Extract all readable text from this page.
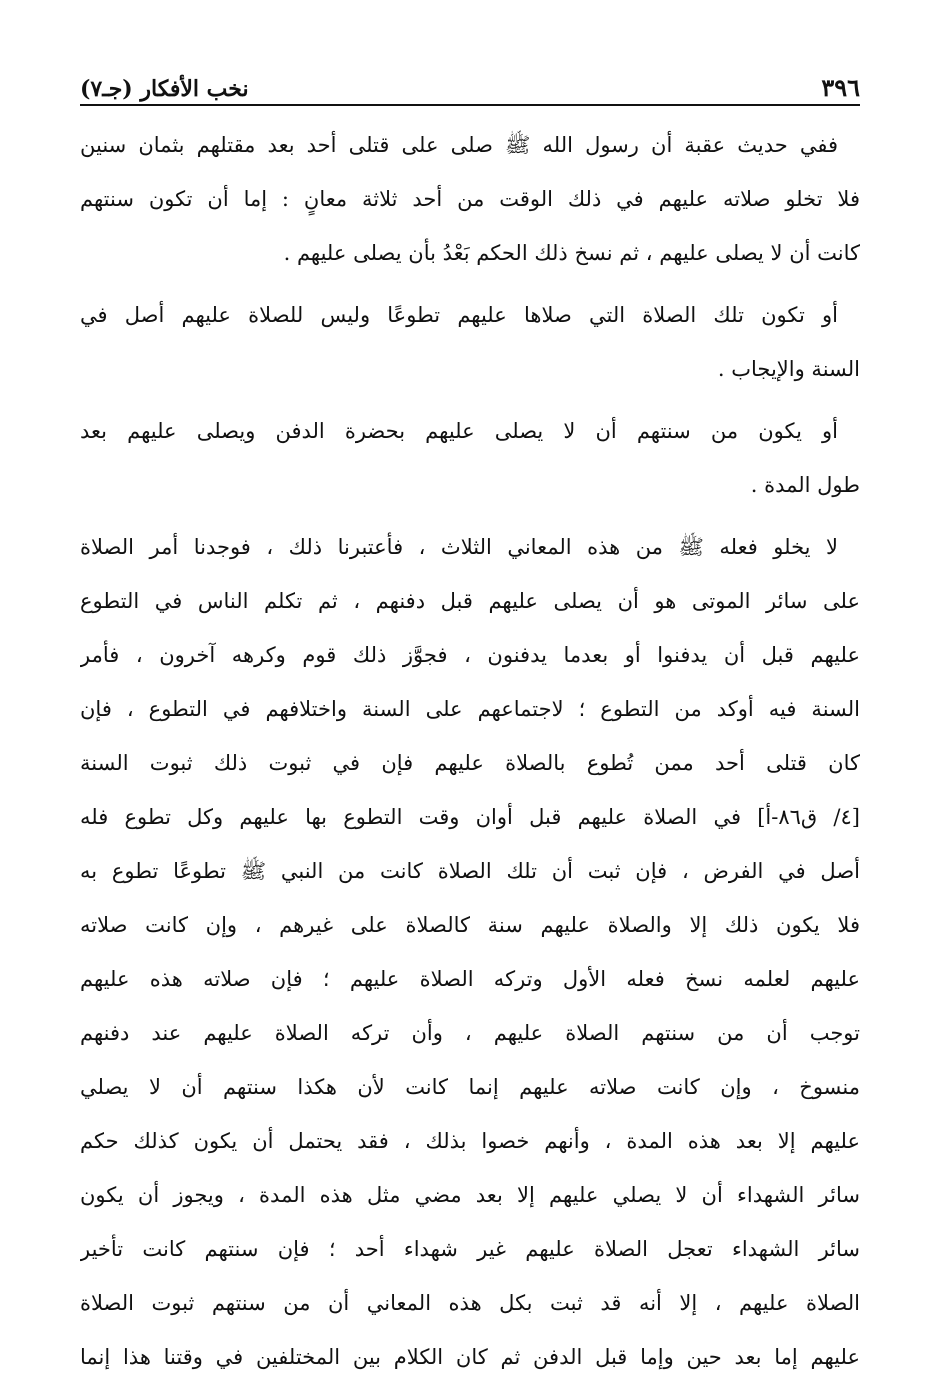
نخب الأفكار (جـ٧)	٣٩٦
ففي حديث عقبة أن رسول الله ﷺ صلى على قتلى أحد بعد مقتلهم بثمان سنين
فلا تخلو صلاته عليهم في ذلك الوقت من أحد ثلاثة معانٍ : إما أن تكون سنتهم
كانت أن لا يصلى عليهم ، ثم نسخ ذلك الحكم بَعْدُ بأن يصلى عليهم .
أو تكون تلك الصلاة التي صلاها عليهم تطوعًا وليس للصلاة عليهم أصل في
السنة والإيجاب .
أو يكون من سنتهم أن لا يصلى عليهم بحضرة الدفن ويصلى عليهم بعد
طول المدة .
لا يخلو فعله ﷺ من هذه المعاني الثلاث ، فأعتبرنا ذلك ، فوجدنا أمر الصلاة
على سائر الموتى هو أن يصلى عليهم قبل دفنهم ، ثم تكلم الناس في التطوع
عليهم قبل أن يدفنوا أو بعدما يدفنون ، فجوَّز ذلك قوم وكرهه آخرون ، فأمر
السنة فيه أوكد من التطوع ؛ لاجتماعهم على السنة واختلافهم في التطوع ، فإن
كان قتلى أحد ممن تُطوع بالصلاة عليهم فإن في ثبوت ذلك ثبوت السنة
[٤/ ق٨٦-أ] في الصلاة عليهم قبل أوان وقت التطوع بها عليهم وكل تطوع فله
أصل في الفرض ، فإن ثبت أن تلك الصلاة كانت من النبي ﷺ تطوعًا تطوع به
فلا يكون ذلك إلا والصلاة عليهم سنة كالصلاة على غيرهم ، وإن كانت صلاته
عليهم لعلمه نسخ فعله الأول وتركه الصلاة عليهم ؛ فإن صلاته هذه عليهم
توجب أن من سنتهم الصلاة عليهم ، وأن تركه الصلاة عليهم عند دفنهم
منسوخ ، وإن كانت صلاته عليهم إنما كانت لأن هكذا سنتهم أن لا يصلي
عليهم إلا بعد هذه المدة ، وأنهم خصوا بذلك ، فقد يحتمل أن يكون كذلك حكم
سائر الشهداء أن لا يصلي عليهم إلا بعد مضي مثل هذه المدة ، ويجوز أن يكون
سائر الشهداء تعجل الصلاة عليهم غير شهداء أحد ؛ فإن سنتهم كانت تأخير
الصلاة عليهم ، إلا أنه قد ثبت بكل هذه المعاني أن من سنتهم ثبوت الصلاة
عليهم إما بعد حين وإما قبل الدفن ثم كان الكلام بين المختلفين في وقتنا هذا إنما
